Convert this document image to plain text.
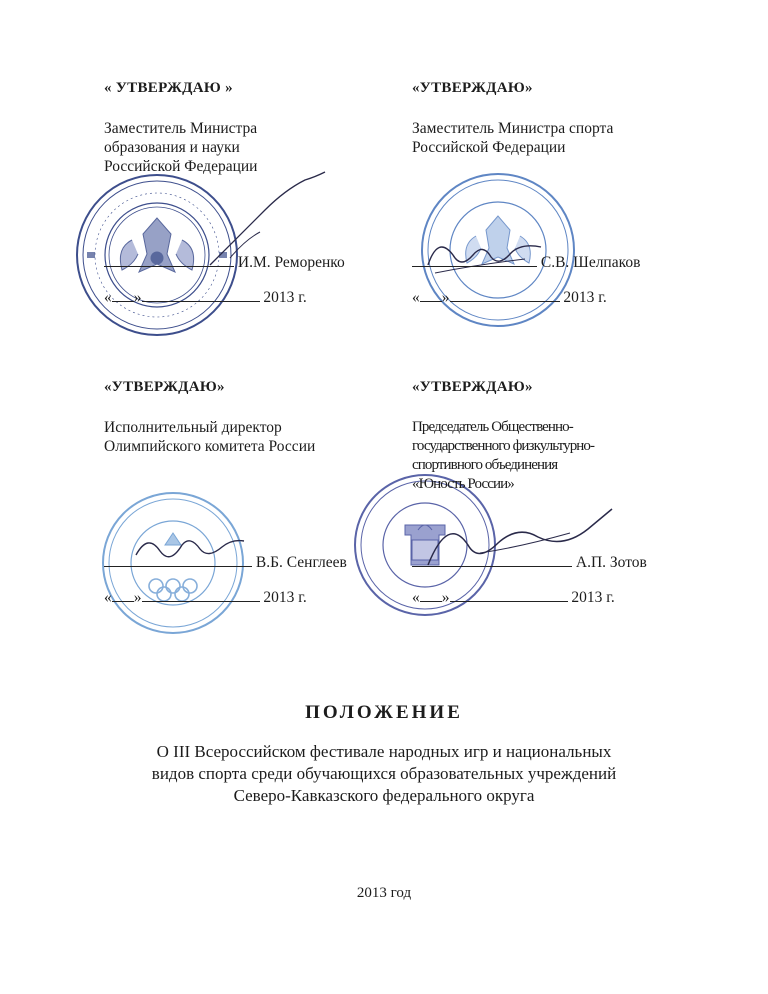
« УТВЕРЖДАЮ »

Заместитель Министра

образования и науки

Российской Федерации

И.М. Реморенко
« »	2013 г.

«УТВЕРЖДАЮ»

Заместитель Министра спорта

Российской Федерации

С.В. Шелпаков
« »	2013 г.

«УТВЕРЖДАЮ»

Исполнительный директор

Олимпийского комитета России

В.Б. Сенглеев
« »	2013 г.

«УТВЕРЖДАЮ»

Председатель Общественно-

государственного физкультурно-

спортивного объединения

«Юность России»

А.П. Зотов
« »	2013 г.
ПОЛОЖЕНИЕ
О III Всероссийском фестивале народных игр и национальных
видов спорта среди обучающихся образовательных учреждений
Северо-Кавказского федерального округа
2013 год
